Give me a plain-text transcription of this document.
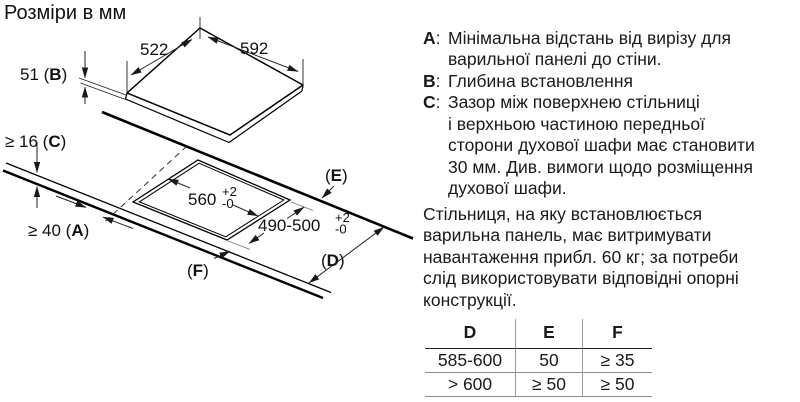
Розміри в мм
522	592
51 (B)
≥ 16 (C)
≥ 40 (A)
560 +2
-0
490-500 +2
-0
(E)
(D)
(F)
A: Мінімальна відстань від вирізу для
варильної панелі до стіни.
B: Глибина встановлення
C: Зазор між поверхнею стільниці
і верхньою частиною передньої
сторони духової шафи має становити
30 мм. Див. вимоги щодо розміщення
духової шафи.
Стільниця, на яку встановлюється
варильна панель, має витримувати
навантаження прибл. 60 кг; за потреби
слід використовувати відповідні опорні
конструкції.
D	E	F
585-600	50	≥ 35
> 600	≥ 50	≥ 50
